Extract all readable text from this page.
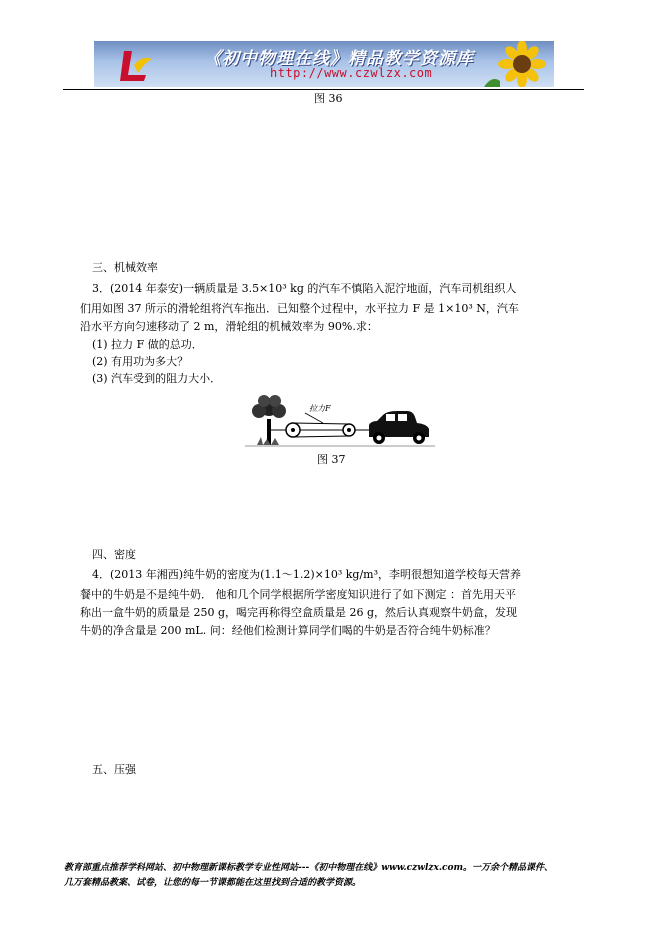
《初中物理在线》精品教学资源库
http://www.czwlzx.com
图 36
三、机械效率
3．(2014 年泰安)一辆质量是 3.5×10³ kg 的汽车不慎陷入泥泞地面，汽车司机组织人
们用如图 37 所示的滑轮组将汽车拖出．已知整个过程中，水平拉力 F 是 1×10³ N，汽车
沿水平方向匀速移动了 2 m，滑轮组的机械效率为 90%.求：
(1) 拉力 F 做的总功．
(2) 有用功为多大？
(3) 汽车受到的阻力大小．
拉力F
图 37
四、密度
4．(2013 年湘西)纯牛奶的密度为(1.1～1.2)×10³ kg/m³，李明很想知道学校每天营养
餐中的牛奶是不是纯牛奶． 他和几个同学根据所学密度知识进行了如下测定 ：首先用天平
称出一盒牛奶的质量是 250 g，喝完再称得空盒质量是 26 g，然后认真观察牛奶盒，发现
牛奶的净含量是 200 mL. 问：经他们检测计算同学们喝的牛奶是否符合纯牛奶标准？
五、压强
教育部重点推荐学科网站、初中物理新课标教学专业性网站---《初中物理在线》www.czwlzx.com。一万余个精品课件、
几万套精品教案、试卷，让您的每一节课都能在这里找到合适的教学资源。
